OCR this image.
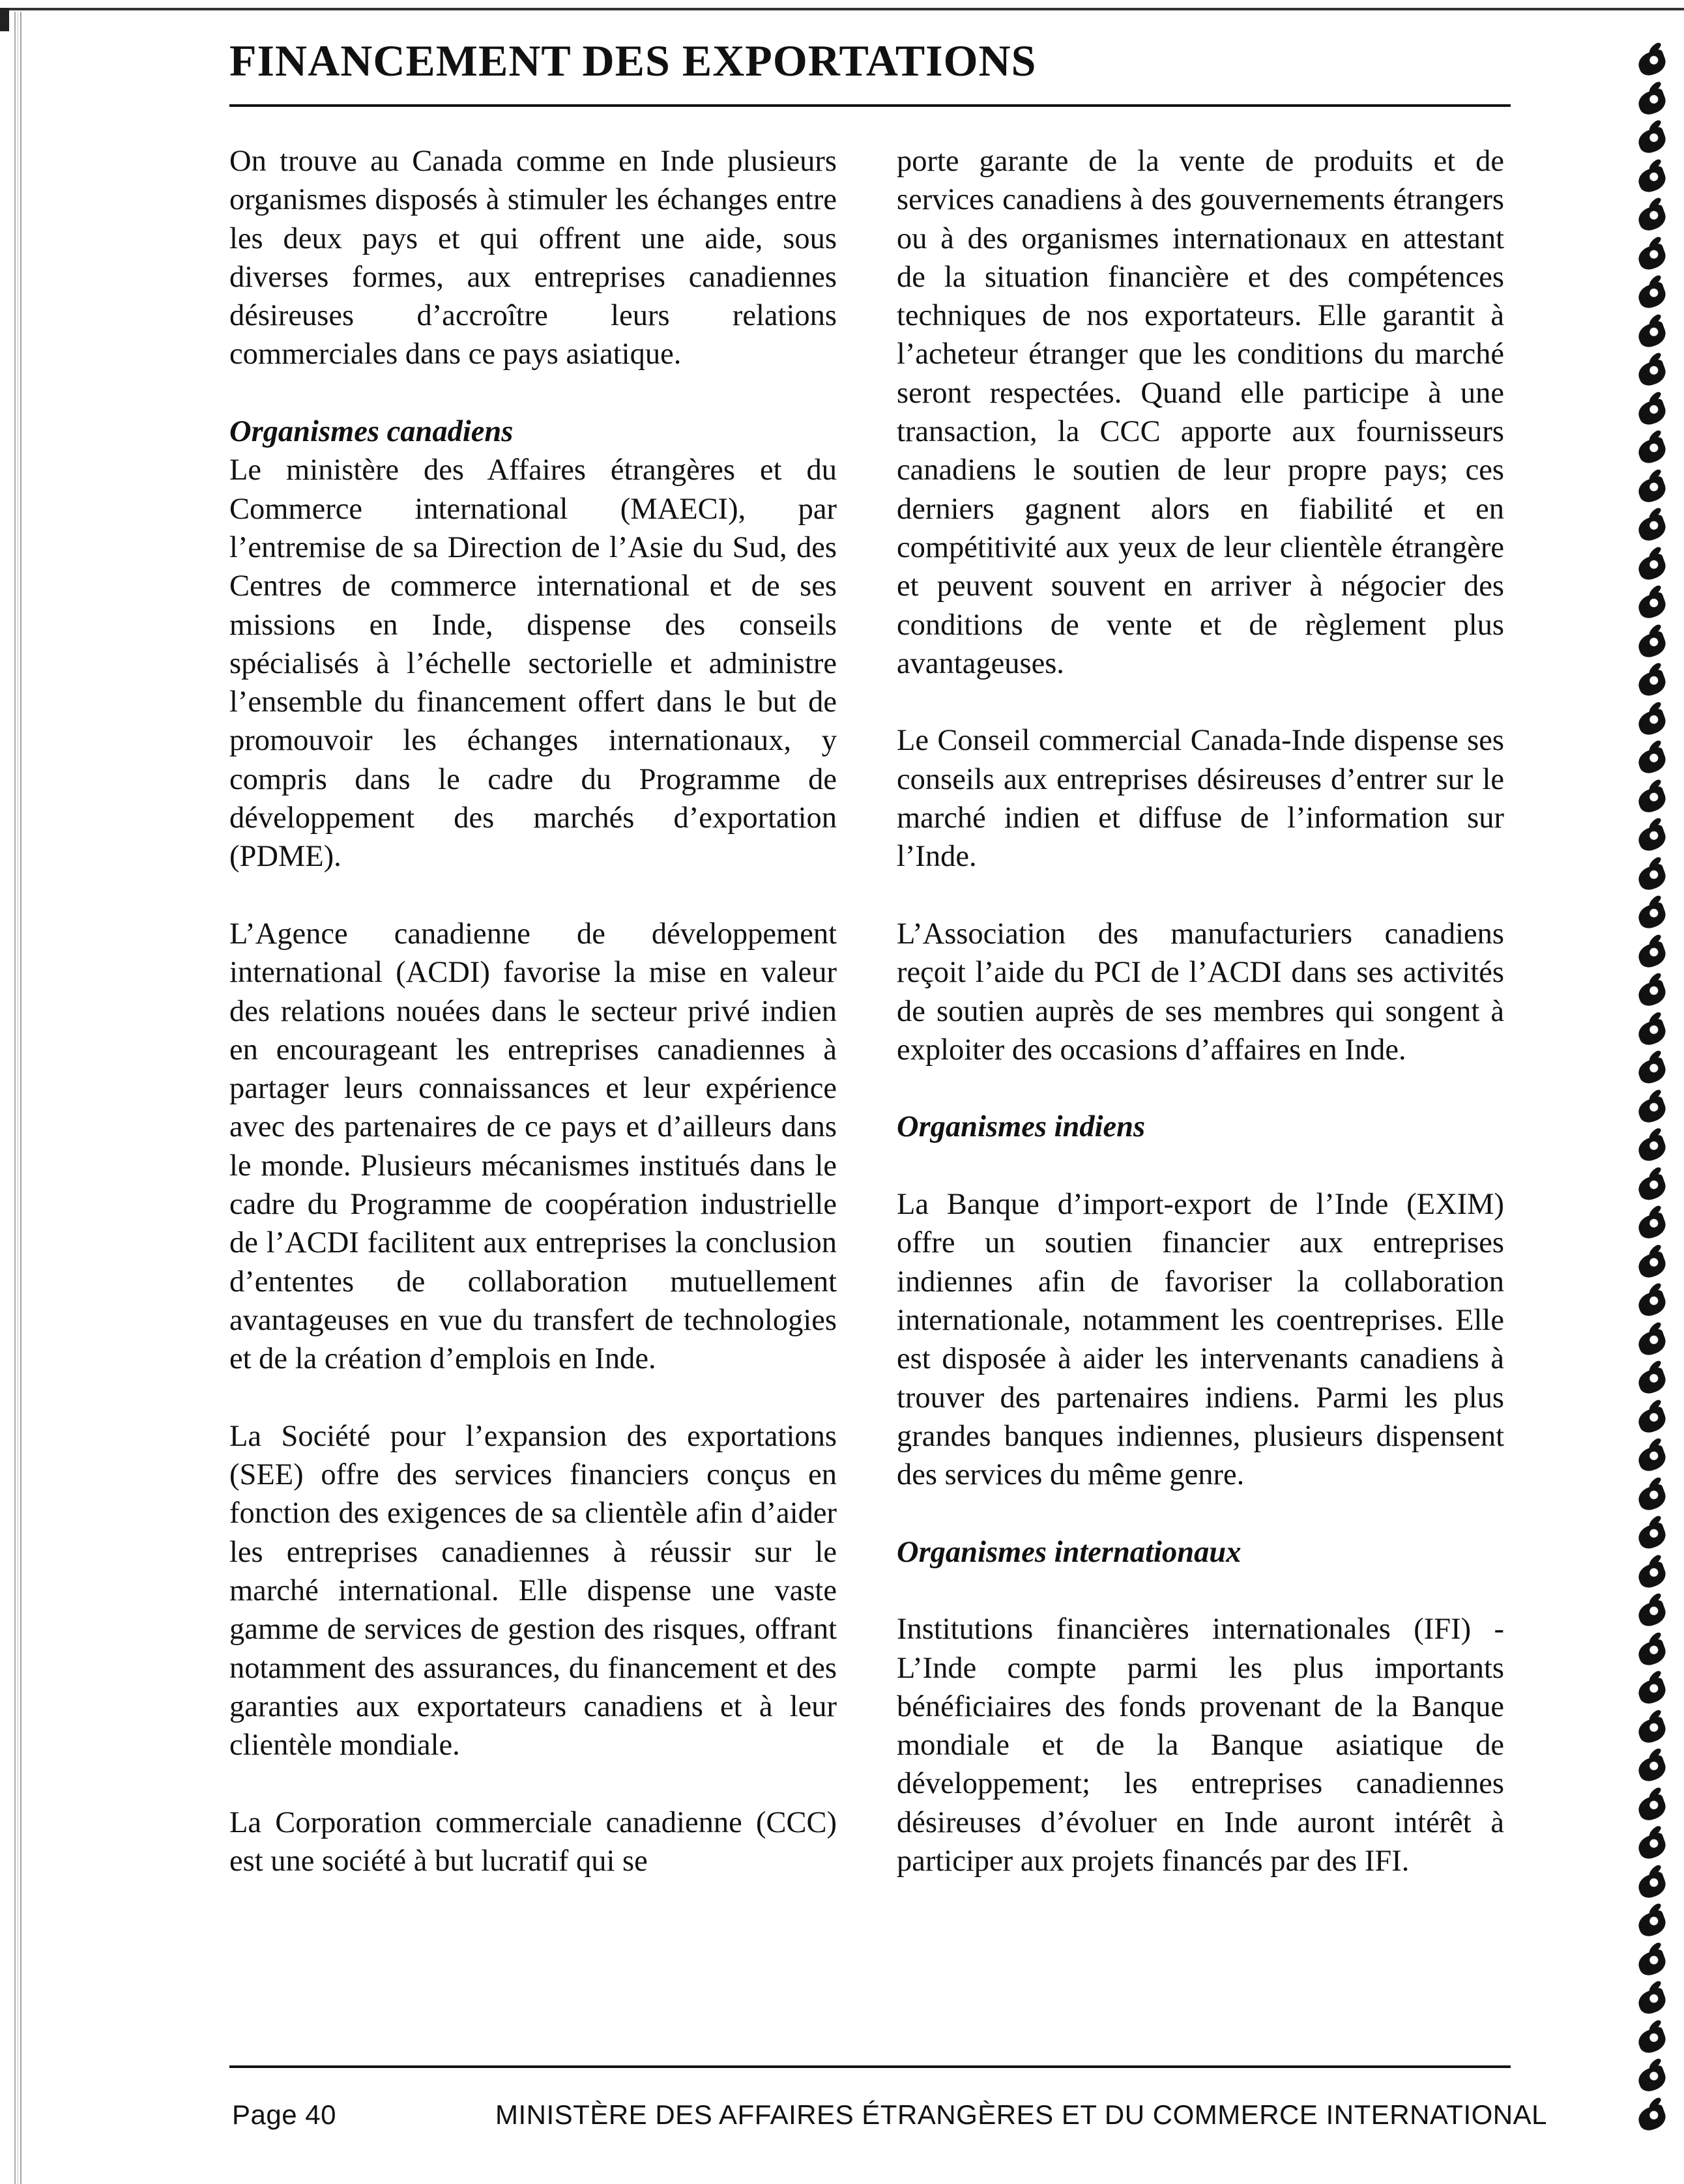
FINANCEMENT DES EXPORTATIONS

On trouve au Canada comme en Inde plusieurs organismes disposés à stimuler les échanges entre les deux pays et qui offrent une aide, sous diverses formes, aux entreprises canadiennes désireuses d’accroître leurs relations commerciales dans ce pays asiatique.

Organismes canadiens

Le ministère des Affaires étrangères et du Commerce international (MAECI), par l’entremise de sa Direction de l’Asie du Sud, des Centres de commerce international et de ses missions en Inde, dispense des conseils spécialisés à l’échelle sectorielle et administre l’ensemble du financement offert dans le but de promouvoir les échanges internationaux, y compris dans le cadre du Programme de développement des marchés d’exportation (PDME).

L’Agence canadienne de développement international (ACDI) favorise la mise en valeur des relations nouées dans le secteur privé indien en encourageant les entreprises canadiennes à partager leurs connaissances et leur expérience avec des partenaires de ce pays et d’ailleurs dans le monde. Plusieurs mécanismes institués dans le cadre du Programme de coopération industrielle de l’ACDI facilitent aux entreprises la conclusion d’ententes de collaboration mutuellement avantageuses en vue du transfert de technologies et de la création d’emplois en Inde.

La Société pour l’expansion des exportations (SEE) offre des services financiers conçus en fonction des exigences de sa clientèle afin d’aider les entreprises canadiennes à réussir sur le marché international. Elle dispense une vaste gamme de services de gestion des risques, offrant notamment des assurances, du financement et des garanties aux exportateurs canadiens et à leur clientèle mondiale.

La Corporation commerciale canadienne (CCC) est une société à but lucratif qui se

porte garante de la vente de produits et de services canadiens à des gouvernements étrangers ou à des organismes internationaux en attestant de la situation financière et des compétences techniques de nos exportateurs. Elle garantit à l’acheteur étranger que les conditions du marché seront respectées. Quand elle participe à une transaction, la CCC apporte aux fournisseurs canadiens le soutien de leur propre pays; ces derniers gagnent alors en fiabilité et en compétitivité aux yeux de leur clientèle étrangère et peuvent souvent en arriver à négocier des conditions de vente et de règlement plus avantageuses.

Le Conseil commercial Canada-Inde dispense ses conseils aux entreprises désireuses d’entrer sur le marché indien et diffuse de l’information sur l’Inde.

L’Association des manufacturiers canadiens reçoit l’aide du PCI de l’ACDI dans ses activités de soutien auprès de ses membres qui songent à exploiter des occasions d’affaires en Inde.

Organismes indiens

La Banque d’import-export de l’Inde (EXIM) offre un soutien financier aux entreprises indiennes afin de favoriser la collaboration internationale, notamment les coentreprises. Elle est disposée à aider les intervenants canadiens à trouver des partenaires indiens. Parmi les plus grandes banques indiennes, plusieurs dispensent des services du même genre.

Organismes internationaux

Institutions financières internationales (IFI) - L’Inde compte parmi les plus importants bénéficiaires des fonds provenant de la Banque mondiale et de la Banque asiatique de développement; les entreprises canadiennes désireuses d’évoluer en Inde auront intérêt à participer aux projets financés par des IFI.

Page 40	MINISTÈRE DES AFFAIRES ÉTRANGÈRES ET DU COMMERCE INTERNATIONAL
